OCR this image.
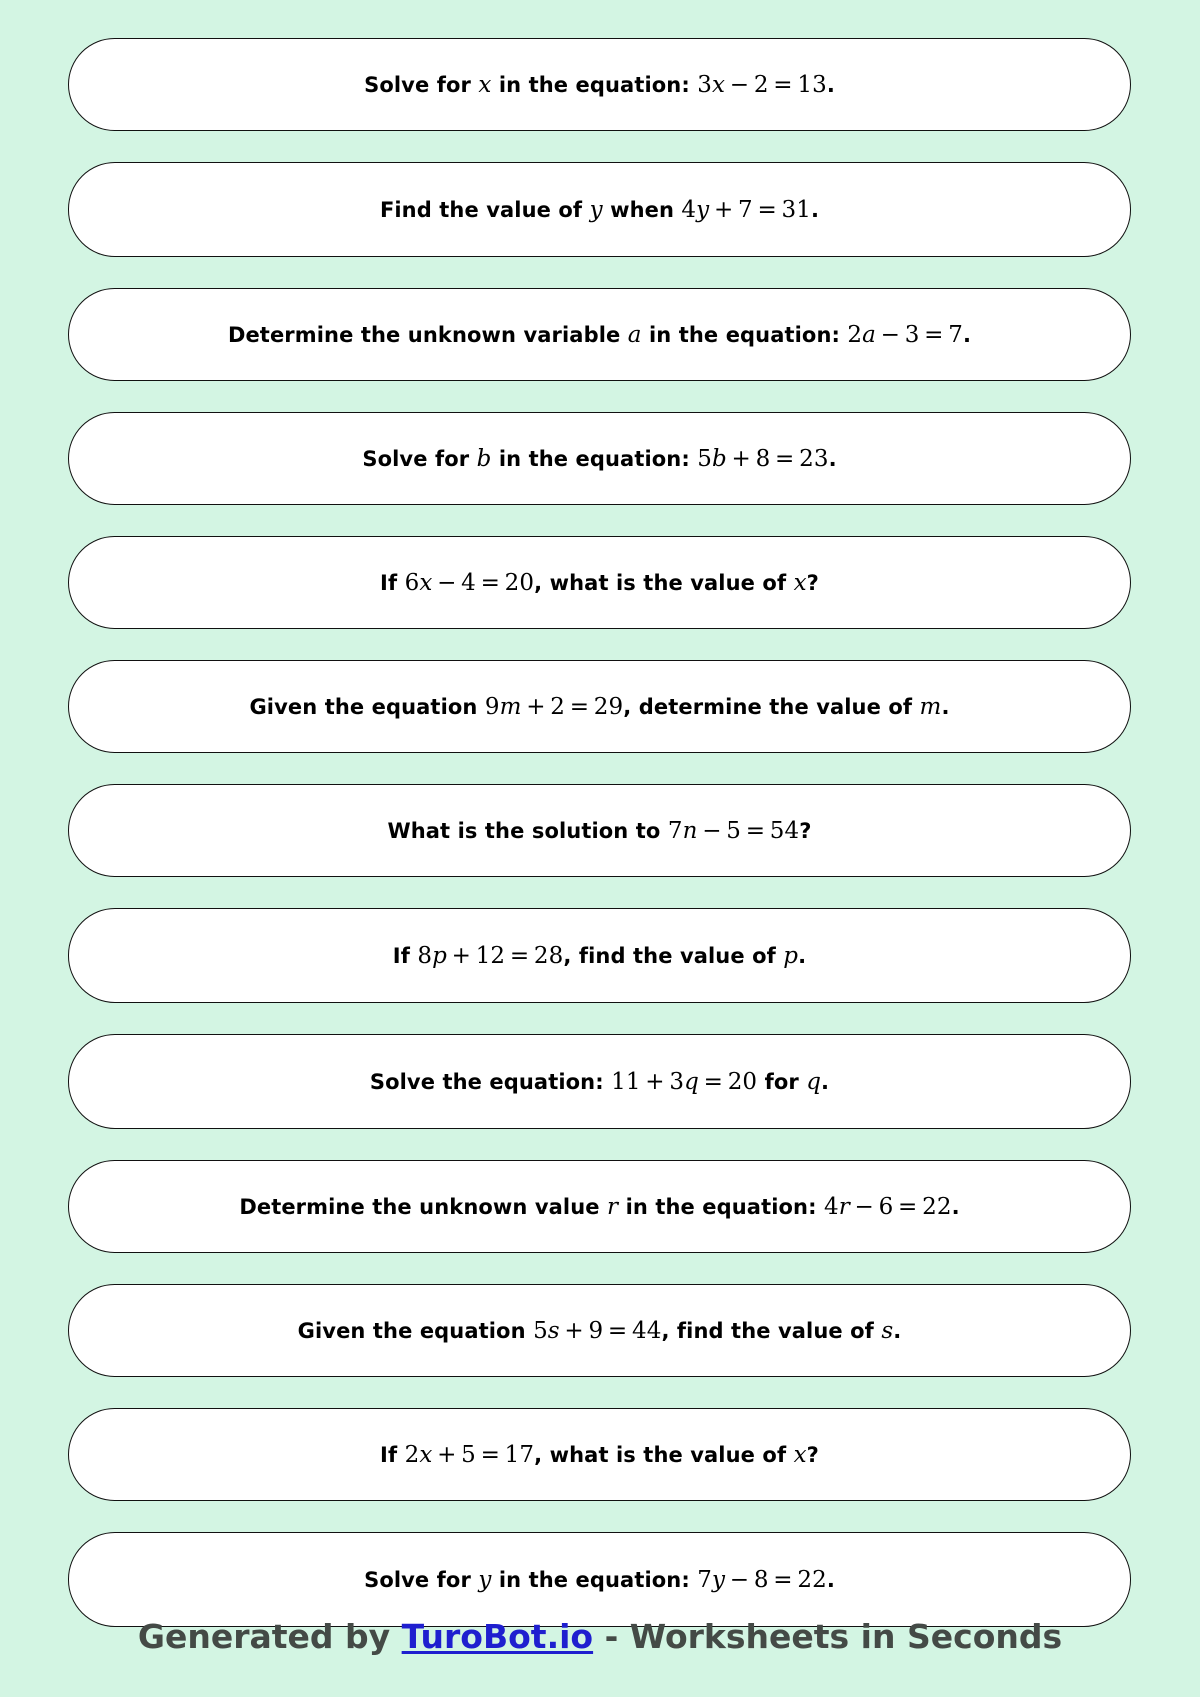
Solve for x in the equation: 3x − 2 = 13.
Find the value of y when 4y + 7 = 31.
Determine the unknown variable a in the equation: 2a − 3 = 7.
Solve for b in the equation: 5b + 8 = 23.
If 6x − 4 = 20, what is the value of x?
Given the equation 9m + 2 = 29, determine the value of m.
What is the solution to 7n − 5 = 54?
If 8p + 12 = 28, find the value of p.
Solve the equation: 11 + 3q = 20 for q.
Determine the unknown value r in the equation: 4r − 6 = 22.
Given the equation 5s + 9 = 44, find the value of s.
If 2x + 5 = 17, what is the value of x?
Solve for y in the equation: 7y − 8 = 22.
Generated by TuroBot.io - Worksheets in Seconds
